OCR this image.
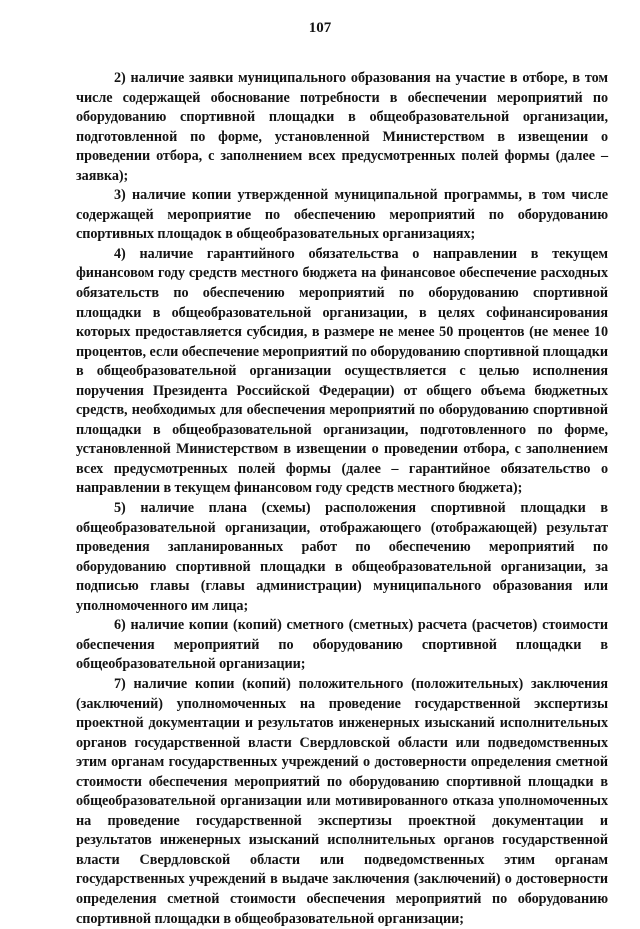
107

2) наличие заявки муниципального образования на участие в отборе, в том числе содержащей обоснование потребности в обеспечении мероприятий по оборудованию спортивной площадки в общеобразовательной организации, подготовленной по форме, установленной Министерством в извещении о проведении отбора, с заполнением всех предусмотренных полей формы (далее – заявка);

3) наличие копии утвержденной муниципальной программы, в том числе содержащей мероприятие по обеспечению мероприятий по оборудованию спортивных площадок в общеобразовательных организациях;

4) наличие гарантийного обязательства о направлении в текущем финансовом году средств местного бюджета на финансовое обеспечение расходных обязательств по обеспечению мероприятий по оборудованию спортивной площадки в общеобразовательной организации, в целях софинансирования которых предоставляется субсидия, в размере не менее 50 процентов (не менее 10 процентов, если обеспечение мероприятий по оборудованию спортивной площадки в общеобразовательной организации осуществляется с целью исполнения поручения Президента Российской Федерации) от общего объема бюджетных средств, необходимых для обеспечения мероприятий по оборудованию спортивной площадки в общеобразовательной организации, подготовленного по форме, установленной Министерством в извещении о проведении отбора, с заполнением всех предусмотренных полей формы (далее – гарантийное обязательство о направлении в текущем финансовом году средств местного бюджета);

5) наличие плана (схемы) расположения спортивной площадки в общеобразовательной организации, отображающего (отображающей) результат проведения запланированных работ по обеспечению мероприятий по оборудованию спортивной площадки в общеобразовательной организации, за подписью главы (главы администрации) муниципального образования или уполномоченного им лица;

6) наличие копии (копий) сметного (сметных) расчета (расчетов) стоимости обеспечения мероприятий по оборудованию спортивной площадки в общеобразовательной организации;

7) наличие копии (копий) положительного (положительных) заключения (заключений) уполномоченных на проведение государственной экспертизы проектной документации и результатов инженерных изысканий исполнительных органов государственной власти Свердловской области или подведомственных этим органам государственных учреждений о достоверности определения сметной стоимости обеспечения мероприятий по оборудованию спортивной площадки в общеобразовательной организации или мотивированного отказа уполномоченных на проведение государственной экспертизы проектной документации и результатов инженерных изысканий исполнительных органов государственной власти Свердловской области или подведомственных этим органам государственных учреждений в выдаче заключения (заключений) о достоверности определения сметной стоимости обеспечения мероприятий по оборудованию спортивной площадки в общеобразовательной организации;
